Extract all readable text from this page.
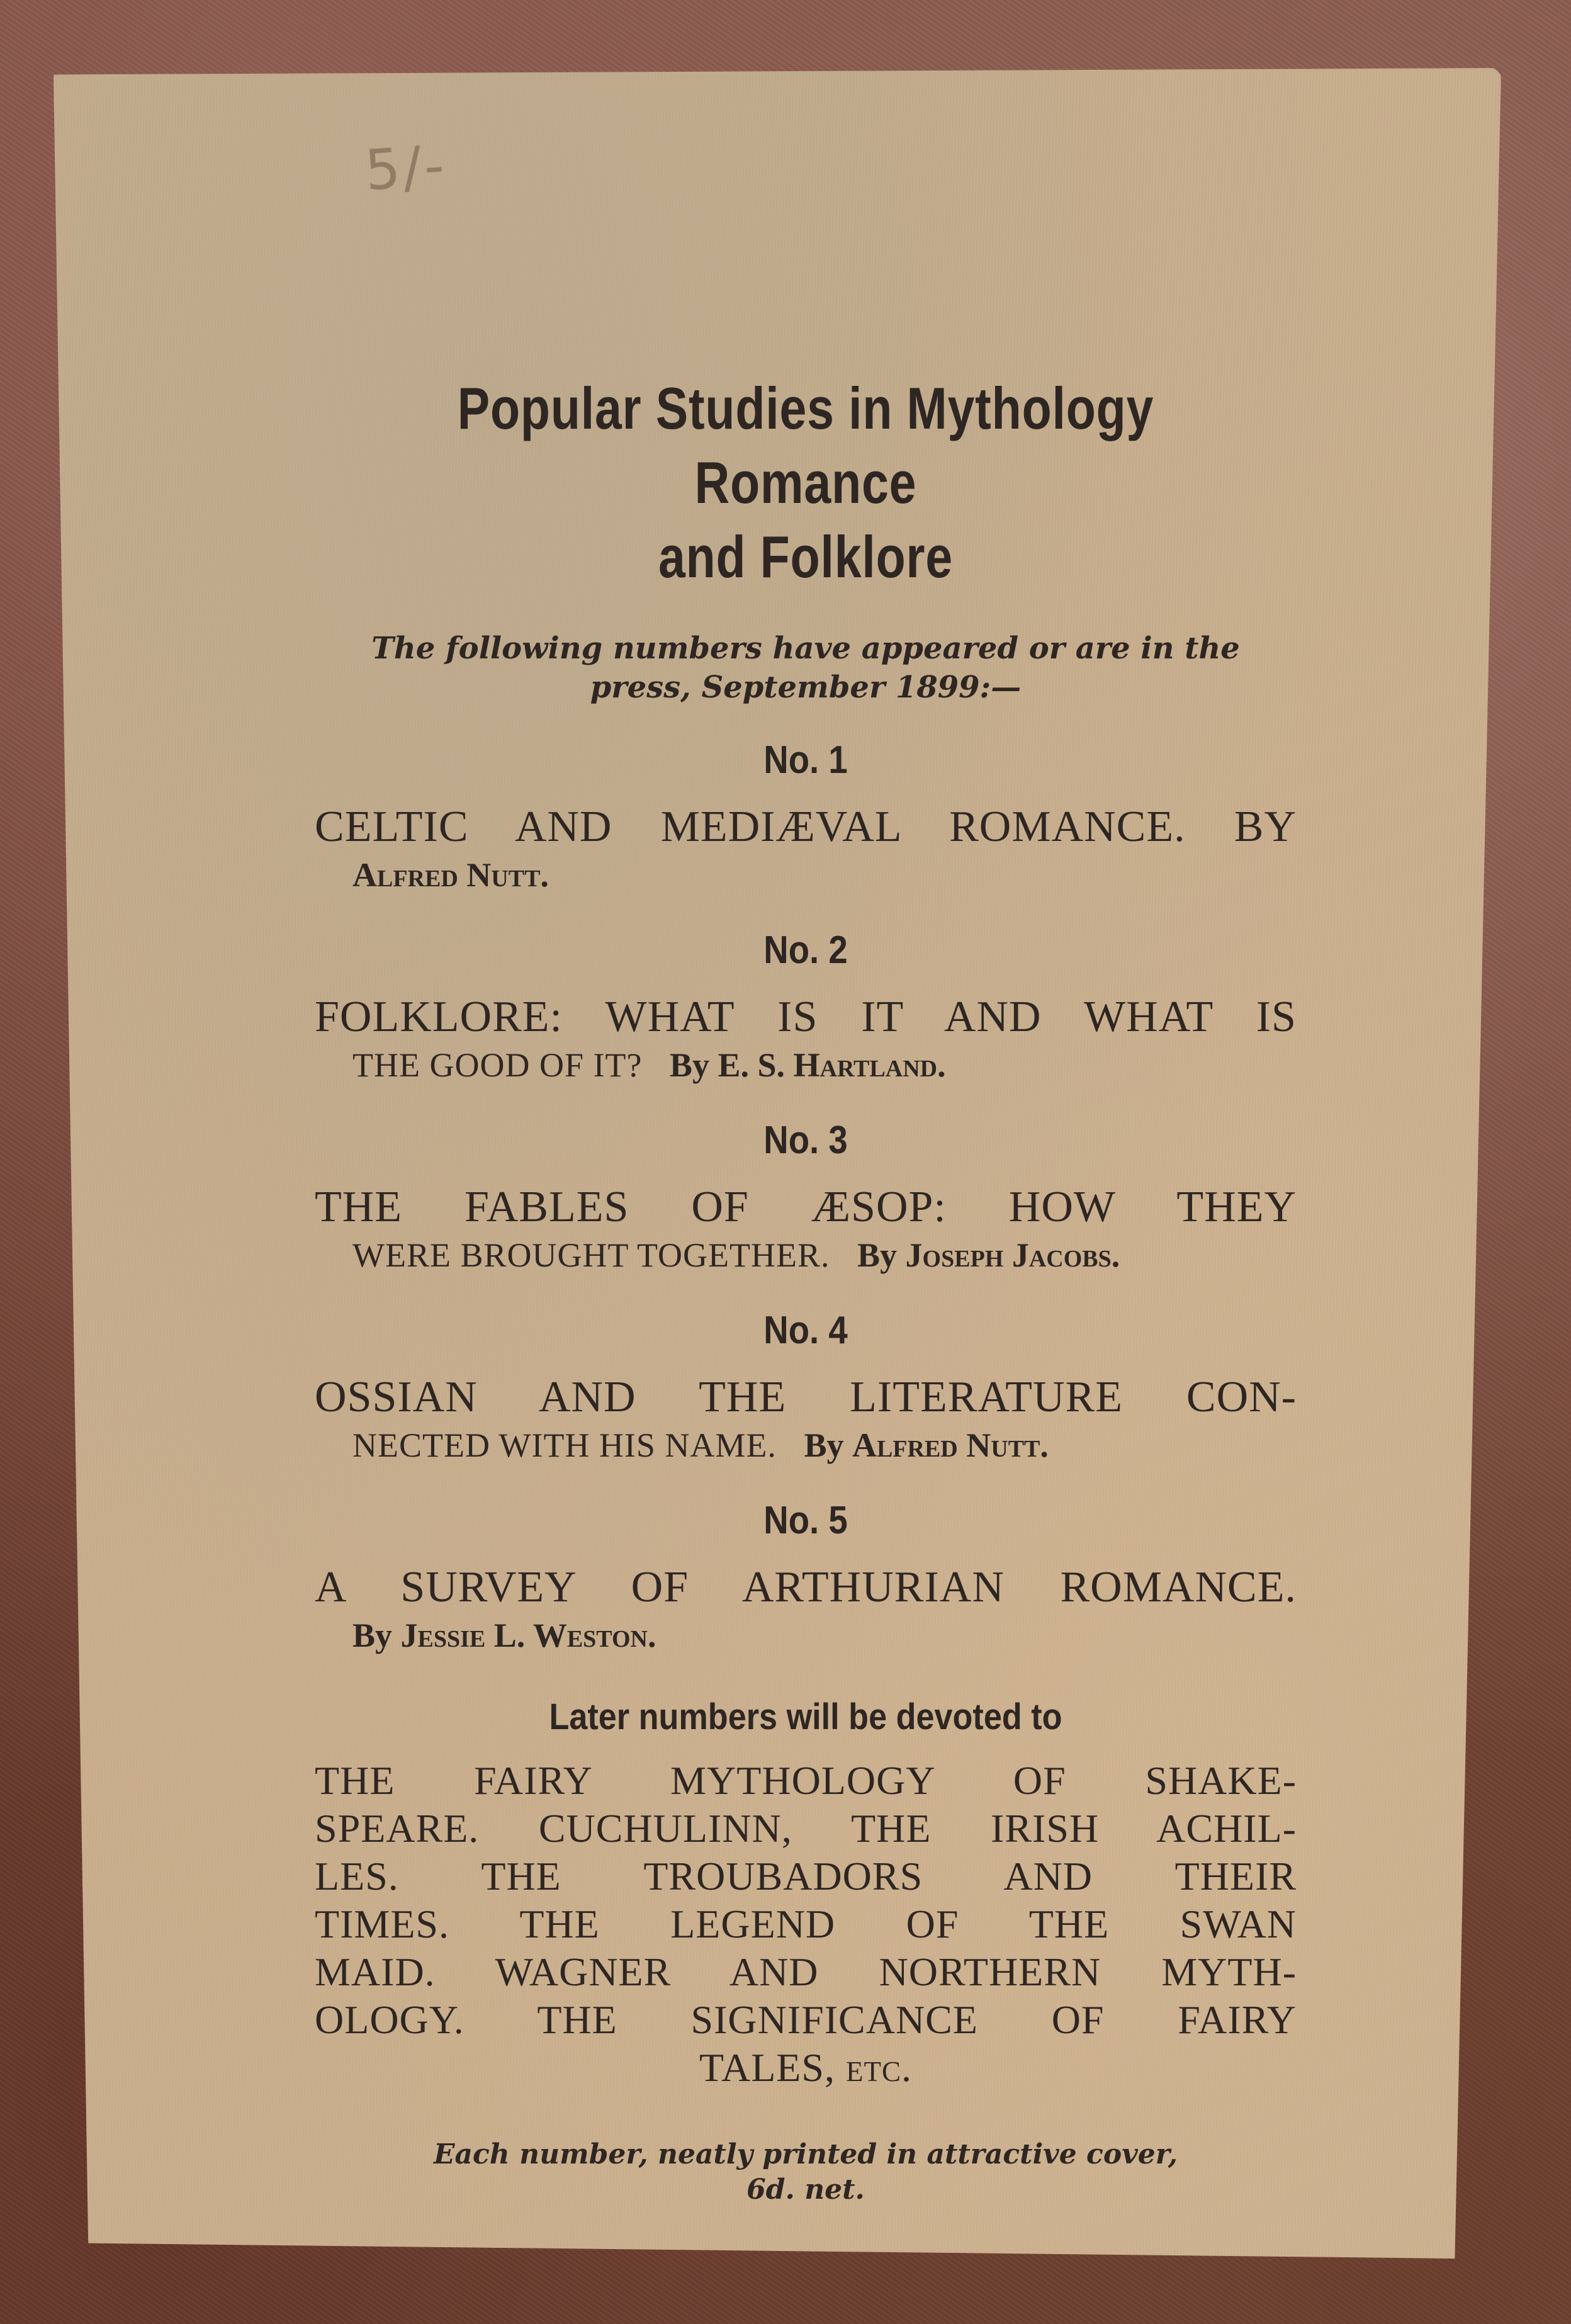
5/-
Popular Studies in Mythology Romance
and Folklore
The following numbers have appeared or are in the press, September 1899:—
No. 1
CELTIC AND MEDIÆVAL ROMANCE. BY
Alfred Nutt.
No. 2
FOLKLORE: WHAT IS IT AND WHAT IS
THE GOOD OF IT? By E. S. Hartland.
No. 3
THE FABLES OF ÆSOP: HOW THEY
WERE BROUGHT TOGETHER. By Joseph Jacobs.
No. 4
OSSIAN AND THE LITERATURE CON-
NECTED WITH HIS NAME. By Alfred Nutt.
No. 5
A SURVEY OF ARTHURIAN ROMANCE.
By Jessie L. Weston.
Later numbers will be devoted to
THE FAIRY MYTHOLOGY OF SHAKE-
SPEARE. CUCHULINN, THE IRISH ACHIL-
LES. THE TROUBADORS AND THEIR
TIMES. THE LEGEND OF THE SWAN
MAID. WAGNER AND NORTHERN MYTH-
OLOGY. THE SIGNIFICANCE OF FAIRY
TALES, etc.
Each number, neatly printed in attractive cover,
6d. net.
